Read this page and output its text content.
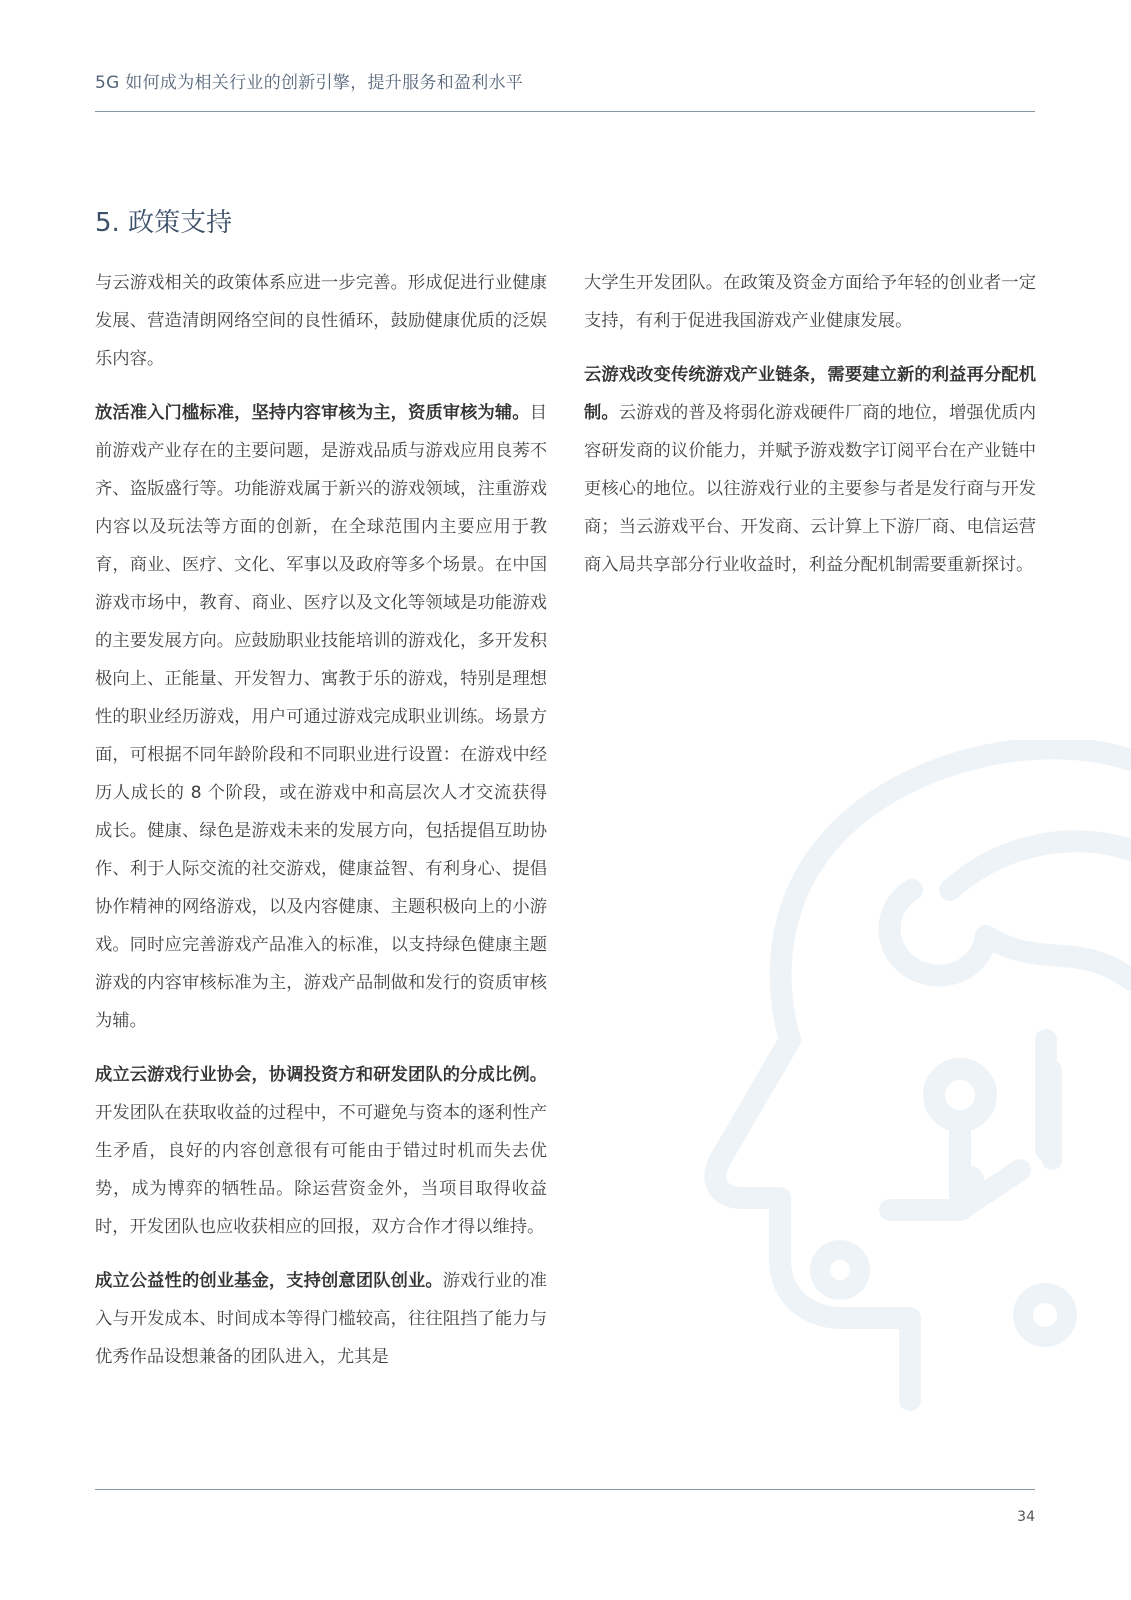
5G 如何成为相关行业的创新引擎，提升服务和盈利水平
5. 政策支持

与云游戏相关的政策体系应进一步完善。形成促进行业健康发展、营造清朗网络空间的良性循环，鼓励健康优质的泛娱乐内容。

放活准入门槛标准，坚持内容审核为主，资质审核为辅。目前游戏产业存在的主要问题，是游戏品质与游戏应用良莠不齐、盗版盛行等。功能游戏属于新兴的游戏领域，注重游戏内容以及玩法等方面的创新，在全球范围内主要应用于教育，商业、医疗、文化、军事以及政府等多个场景。在中国游戏市场中，教育、商业、医疗以及文化等领域是功能游戏的主要发展方向。应鼓励职业技能培训的游戏化，多开发积极向上、正能量、开发智力、寓教于乐的游戏，特别是理想性的职业经历游戏，用户可通过游戏完成职业训练。场景方面，可根据不同年龄阶段和不同职业进行设置：在游戏中经历人成长的 8 个阶段，或在游戏中和高层次人才交流获得成长。健康、绿色是游戏未来的发展方向，包括提倡互助协作、利于人际交流的社交游戏，健康益智、有利身心、提倡协作精神的网络游戏，以及内容健康、主题积极向上的小游戏。同时应完善游戏产品准入的标准，以支持绿色健康主题游戏的内容审核标准为主，游戏产品制做和发行的资质审核为辅。

成立云游戏行业协会，协调投资方和研发团队的分成比例。开发团队在获取收益的过程中，不可避免与资本的逐利性产生矛盾，良好的内容创意很有可能由于错过时机而失去优势，成为博弈的牺牲品。除运营资金外，当项目取得收益时，开发团队也应收获相应的回报，双方合作才得以维持。

成立公益性的创业基金，支持创意团队创业。游戏行业的准入与开发成本、时间成本等得门槛较高，往往阻挡了能力与优秀作品设想兼备的团队进入，尤其是

大学生开发团队。在政策及资金方面给予年轻的创业者一定支持，有利于促进我国游戏产业健康发展。

云游戏改变传统游戏产业链条，需要建立新的利益再分配机制。云游戏的普及将弱化游戏硬件厂商的地位，增强优质内容研发商的议价能力，并赋予游戏数字订阅平台在产业链中更核心的地位。以往游戏行业的主要参与者是发行商与开发商；当云游戏平台、开发商、云计算上下游厂商、电信运营商入局共享部分行业收益时，利益分配机制需要重新探讨。

34
